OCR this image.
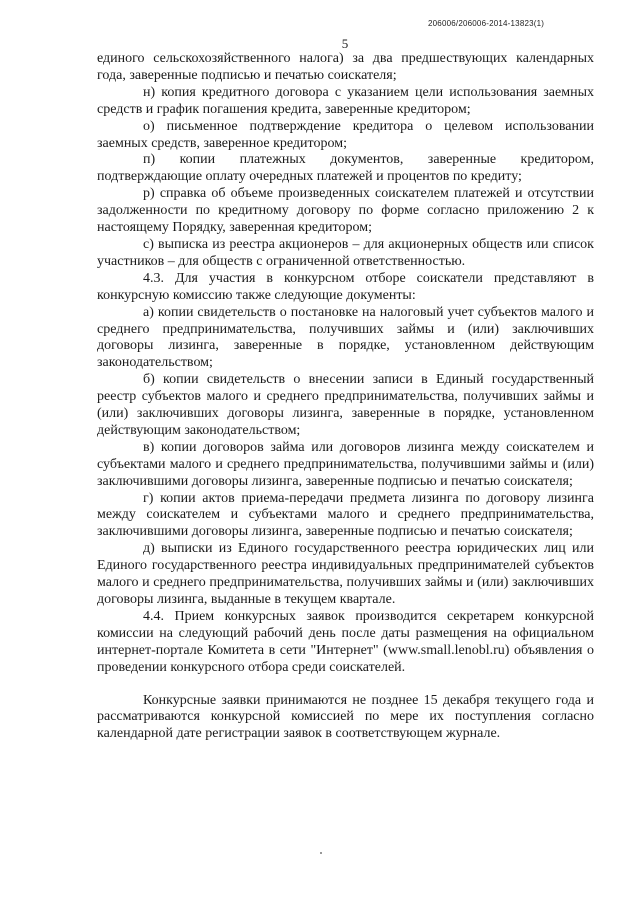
206006/206006-2014-13823(1)
5

единого сельскохозяйственного налога) за два предшествующих календарных года, заверенные подписью и печатью соискателя;

н) копия кредитного договора с указанием цели использования заемных средств и график погашения кредита, заверенные кредитором;

о) письменное подтверждение кредитора о целевом использовании заемных средств, заверенное кредитором;

п) копии платежных документов, заверенные кредитором, подтверждающие оплату очередных платежей и процентов по кредиту;

р) справка об объеме произведенных соискателем платежей и отсутствии задолженности по кредитному договору по форме согласно приложению 2 к настоящему Порядку, заверенная кредитором;

с) выписка из реестра акционеров – для акционерных обществ или список участников – для обществ с ограниченной ответственностью.

4.3. Для участия в конкурсном отборе соискатели представляют в конкурсную комиссию также следующие документы:

а) копии свидетельств о постановке на налоговый учет субъектов малого и среднего предпринимательства, получивших займы и (или) заключивших договоры лизинга, заверенные в порядке, установленном действующим законодательством;

б) копии свидетельств о внесении записи в Единый государственный реестр субъектов малого и среднего предпринимательства, получивших займы и (или) заключивших договоры лизинга, заверенные в порядке, установленном действующим законодательством;

в) копии договоров займа или договоров лизинга между соискателем и субъектами малого и среднего предпринимательства, получившими займы и (или) заключившими договоры лизинга, заверенные подписью и печатью соискателя;

г) копии актов приема-передачи предмета лизинга по договору лизинга между соискателем и субъектами малого и среднего предпринимательства, заключившими договоры лизинга, заверенные подписью и печатью соискателя;

д) выписки из Единого государственного реестра юридических лиц или Единого государственного реестра индивидуальных предпринимателей субъектов малого и среднего предпринимательства, получивших займы и (или) заключивших договоры лизинга, выданные в текущем квартале.

4.4. Прием конкурсных заявок производится секретарем конкурсной комиссии на следующий рабочий день после даты размещения на официальном интернет-портале Комитета в сети "Интернет" (www.small.lenobl.ru) объявления о проведении конкурсного отбора среди соискателей.

Конкурсные заявки принимаются не позднее 15 декабря текущего года и рассматриваются конкурсной комиссией по мере их поступления согласно календарной дате регистрации заявок в соответствующем журнале.
